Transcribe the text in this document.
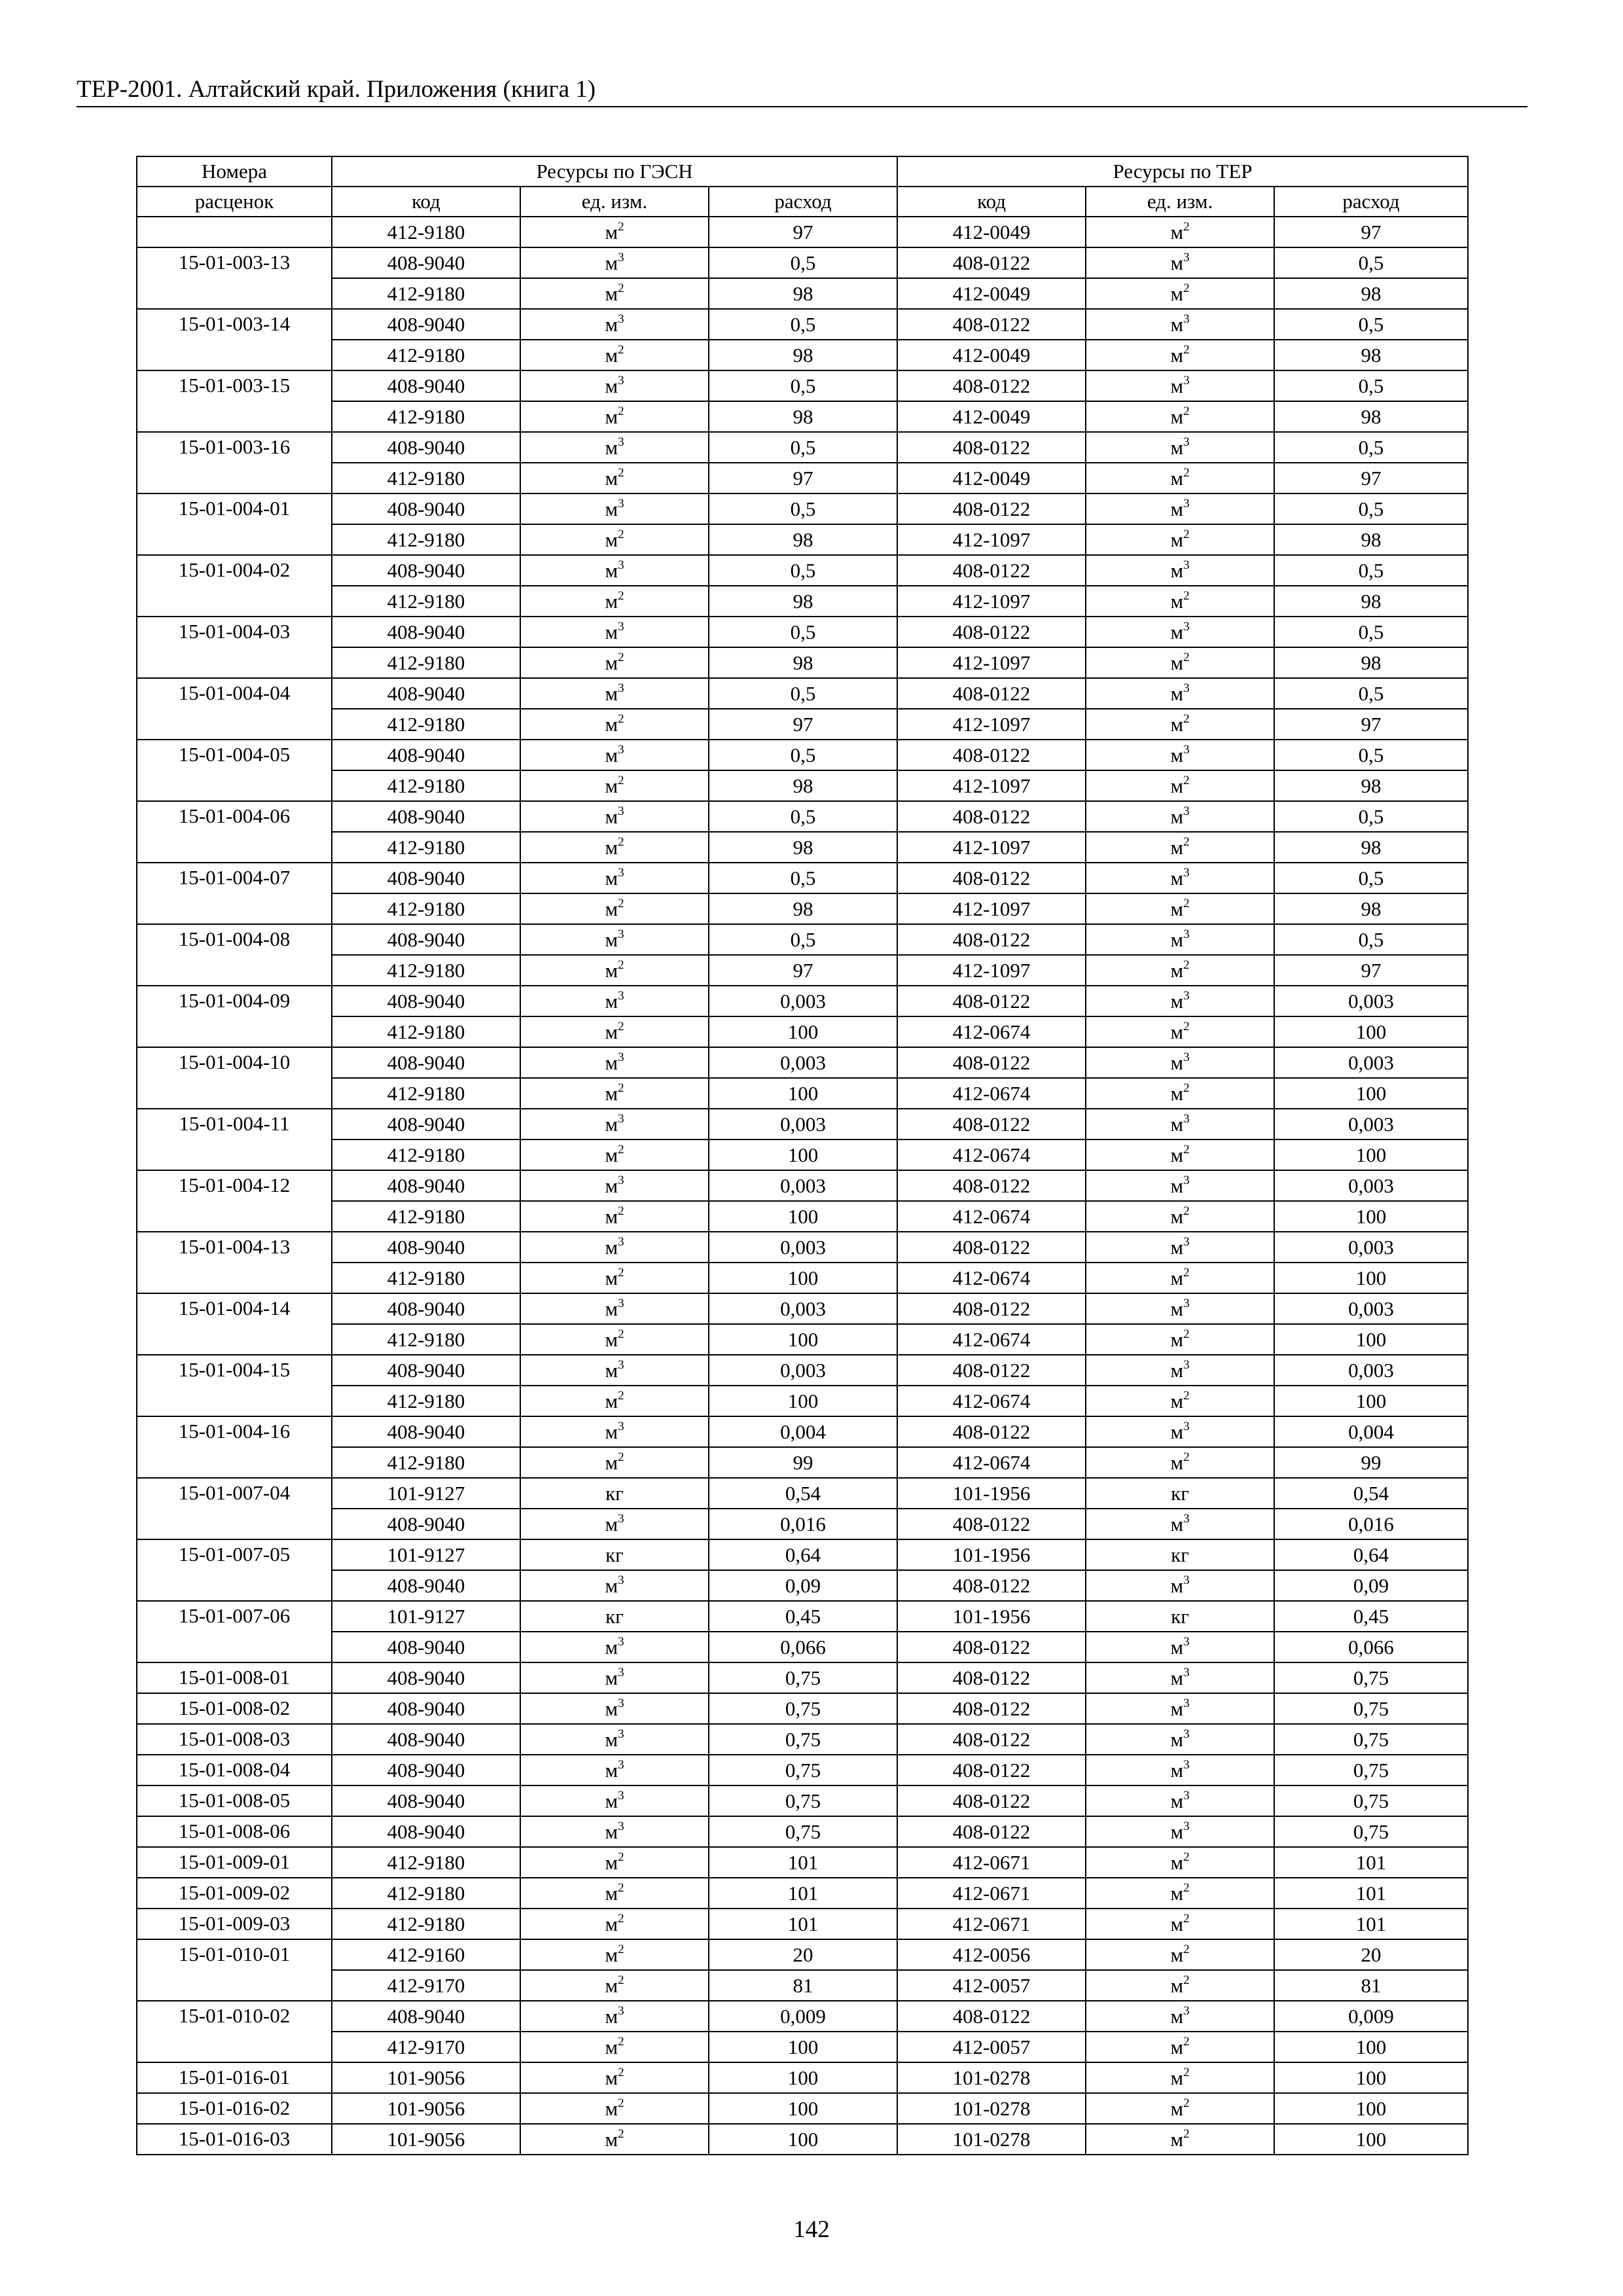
ТЕР-2001. Алтайский край. Приложения (книга 1)
Номера	Ресурсы по ГЭСН			Ресурсы по ТЕР		
расценок	код	ед. изм.	расход	код	ед. изм.	расход
	412-9180	$м^2$	97	412-0049	$м^2$	97
15-01-003-13	408-9040	$м^3$	0,5	408-0122	$м^3$	0,5
	412-9180	$м^2$	98	412-0049	$м^2$	98
15-01-003-14	408-9040	$м^3$	0,5	408-0122	$м^3$	0,5
	412-9180	$м^2$	98	412-0049	$м^2$	98
15-01-003-15	408-9040	$м^3$	0,5	408-0122	$м^3$	0,5
	412-9180	$м^2$	98	412-0049	$м^2$	98
15-01-003-16	408-9040	$м^3$	0,5	408-0122	$м^3$	0,5
	412-9180	$м^2$	97	412-0049	$м^2$	97
15-01-004-01	408-9040	$м^3$	0,5	408-0122	$м^3$	0,5
	412-9180	$м^2$	98	412-1097	$м^2$	98
15-01-004-02	408-9040	$м^3$	0,5	408-0122	$м^3$	0,5
	412-9180	$м^2$	98	412-1097	$м^2$	98
15-01-004-03	408-9040	$м^3$	0,5	408-0122	$м^3$	0,5
	412-9180	$м^2$	98	412-1097	$м^2$	98
15-01-004-04	408-9040	$м^3$	0,5	408-0122	$м^3$	0,5
	412-9180	$м^2$	97	412-1097	$м^2$	97
15-01-004-05	408-9040	$м^3$	0,5	408-0122	$м^3$	0,5
	412-9180	$м^2$	98	412-1097	$м^2$	98
15-01-004-06	408-9040	$м^3$	0,5	408-0122	$м^3$	0,5
	412-9180	$м^2$	98	412-1097	$м^2$	98
15-01-004-07	408-9040	$м^3$	0,5	408-0122	$м^3$	0,5
	412-9180	$м^2$	98	412-1097	$м^2$	98
15-01-004-08	408-9040	$м^3$	0,5	408-0122	$м^3$	0,5
	412-9180	$м^2$	97	412-1097	$м^2$	97
15-01-004-09	408-9040	$м^3$	0,003	408-0122	$м^3$	0,003
	412-9180	$м^2$	100	412-0674	$м^2$	100
15-01-004-10	408-9040	$м^3$	0,003	408-0122	$м^3$	0,003
	412-9180	$м^2$	100	412-0674	$м^2$	100
15-01-004-11	408-9040	$м^3$	0,003	408-0122	$м^3$	0,003
	412-9180	$м^2$	100	412-0674	$м^2$	100
15-01-004-12	408-9040	$м^3$	0,003	408-0122	$м^3$	0,003
	412-9180	$м^2$	100	412-0674	$м^2$	100
15-01-004-13	408-9040	$м^3$	0,003	408-0122	$м^3$	0,003
	412-9180	$м^2$	100	412-0674	$м^2$	100
15-01-004-14	408-9040	$м^3$	0,003	408-0122	$м^3$	0,003
	412-9180	$м^2$	100	412-0674	$м^2$	100
15-01-004-15	408-9040	$м^3$	0,003	408-0122	$м^3$	0,003
	412-9180	$м^2$	100	412-0674	$м^2$	100
15-01-004-16	408-9040	$м^3$	0,004	408-0122	$м^3$	0,004
	412-9180	$м^2$	99	412-0674	$м^2$	99
15-01-007-04	101-9127	кг	0,54	101-1956	кг	0,54
	408-9040	$м^3$	0,016	408-0122	$м^3$	0,016
15-01-007-05	101-9127	кг	0,64	101-1956	кг	0,64
	408-9040	$м^3$	0,09	408-0122	$м^3$	0,09
15-01-007-06	101-9127	кг	0,45	101-1956	кг	0,45
	408-9040	$м^3$	0,066	408-0122	$м^3$	0,066
15-01-008-01	408-9040	$м^3$	0,75	408-0122	$м^3$	0,75
15-01-008-02	408-9040	$м^3$	0,75	408-0122	$м^3$	0,75
15-01-008-03	408-9040	$м^3$	0,75	408-0122	$м^3$	0,75
15-01-008-04	408-9040	$м^3$	0,75	408-0122	$м^3$	0,75
15-01-008-05	408-9040	$м^3$	0,75	408-0122	$м^3$	0,75
15-01-008-06	408-9040	$м^3$	0,75	408-0122	$м^3$	0,75
15-01-009-01	412-9180	$м^2$	101	412-0671	$м^2$	101
15-01-009-02	412-9180	$м^2$	101	412-0671	$м^2$	101
15-01-009-03	412-9180	$м^2$	101	412-0671	$м^2$	101
15-01-010-01	412-9160	$м^2$	20	412-0056	$м^2$	20
	412-9170	$м^2$	81	412-0057	$м^2$	81
15-01-010-02	408-9040	$м^3$	0,009	408-0122	$м^3$	0,009
	412-9170	$м^2$	100	412-0057	$м^2$	100
15-01-016-01	101-9056	$м^2$	100	101-0278	$м^2$	100
15-01-016-02	101-9056	$м^2$	100	101-0278	$м^2$	100
15-01-016-03	101-9056	$м^2$	100	101-0278	$м^2$	100
142
